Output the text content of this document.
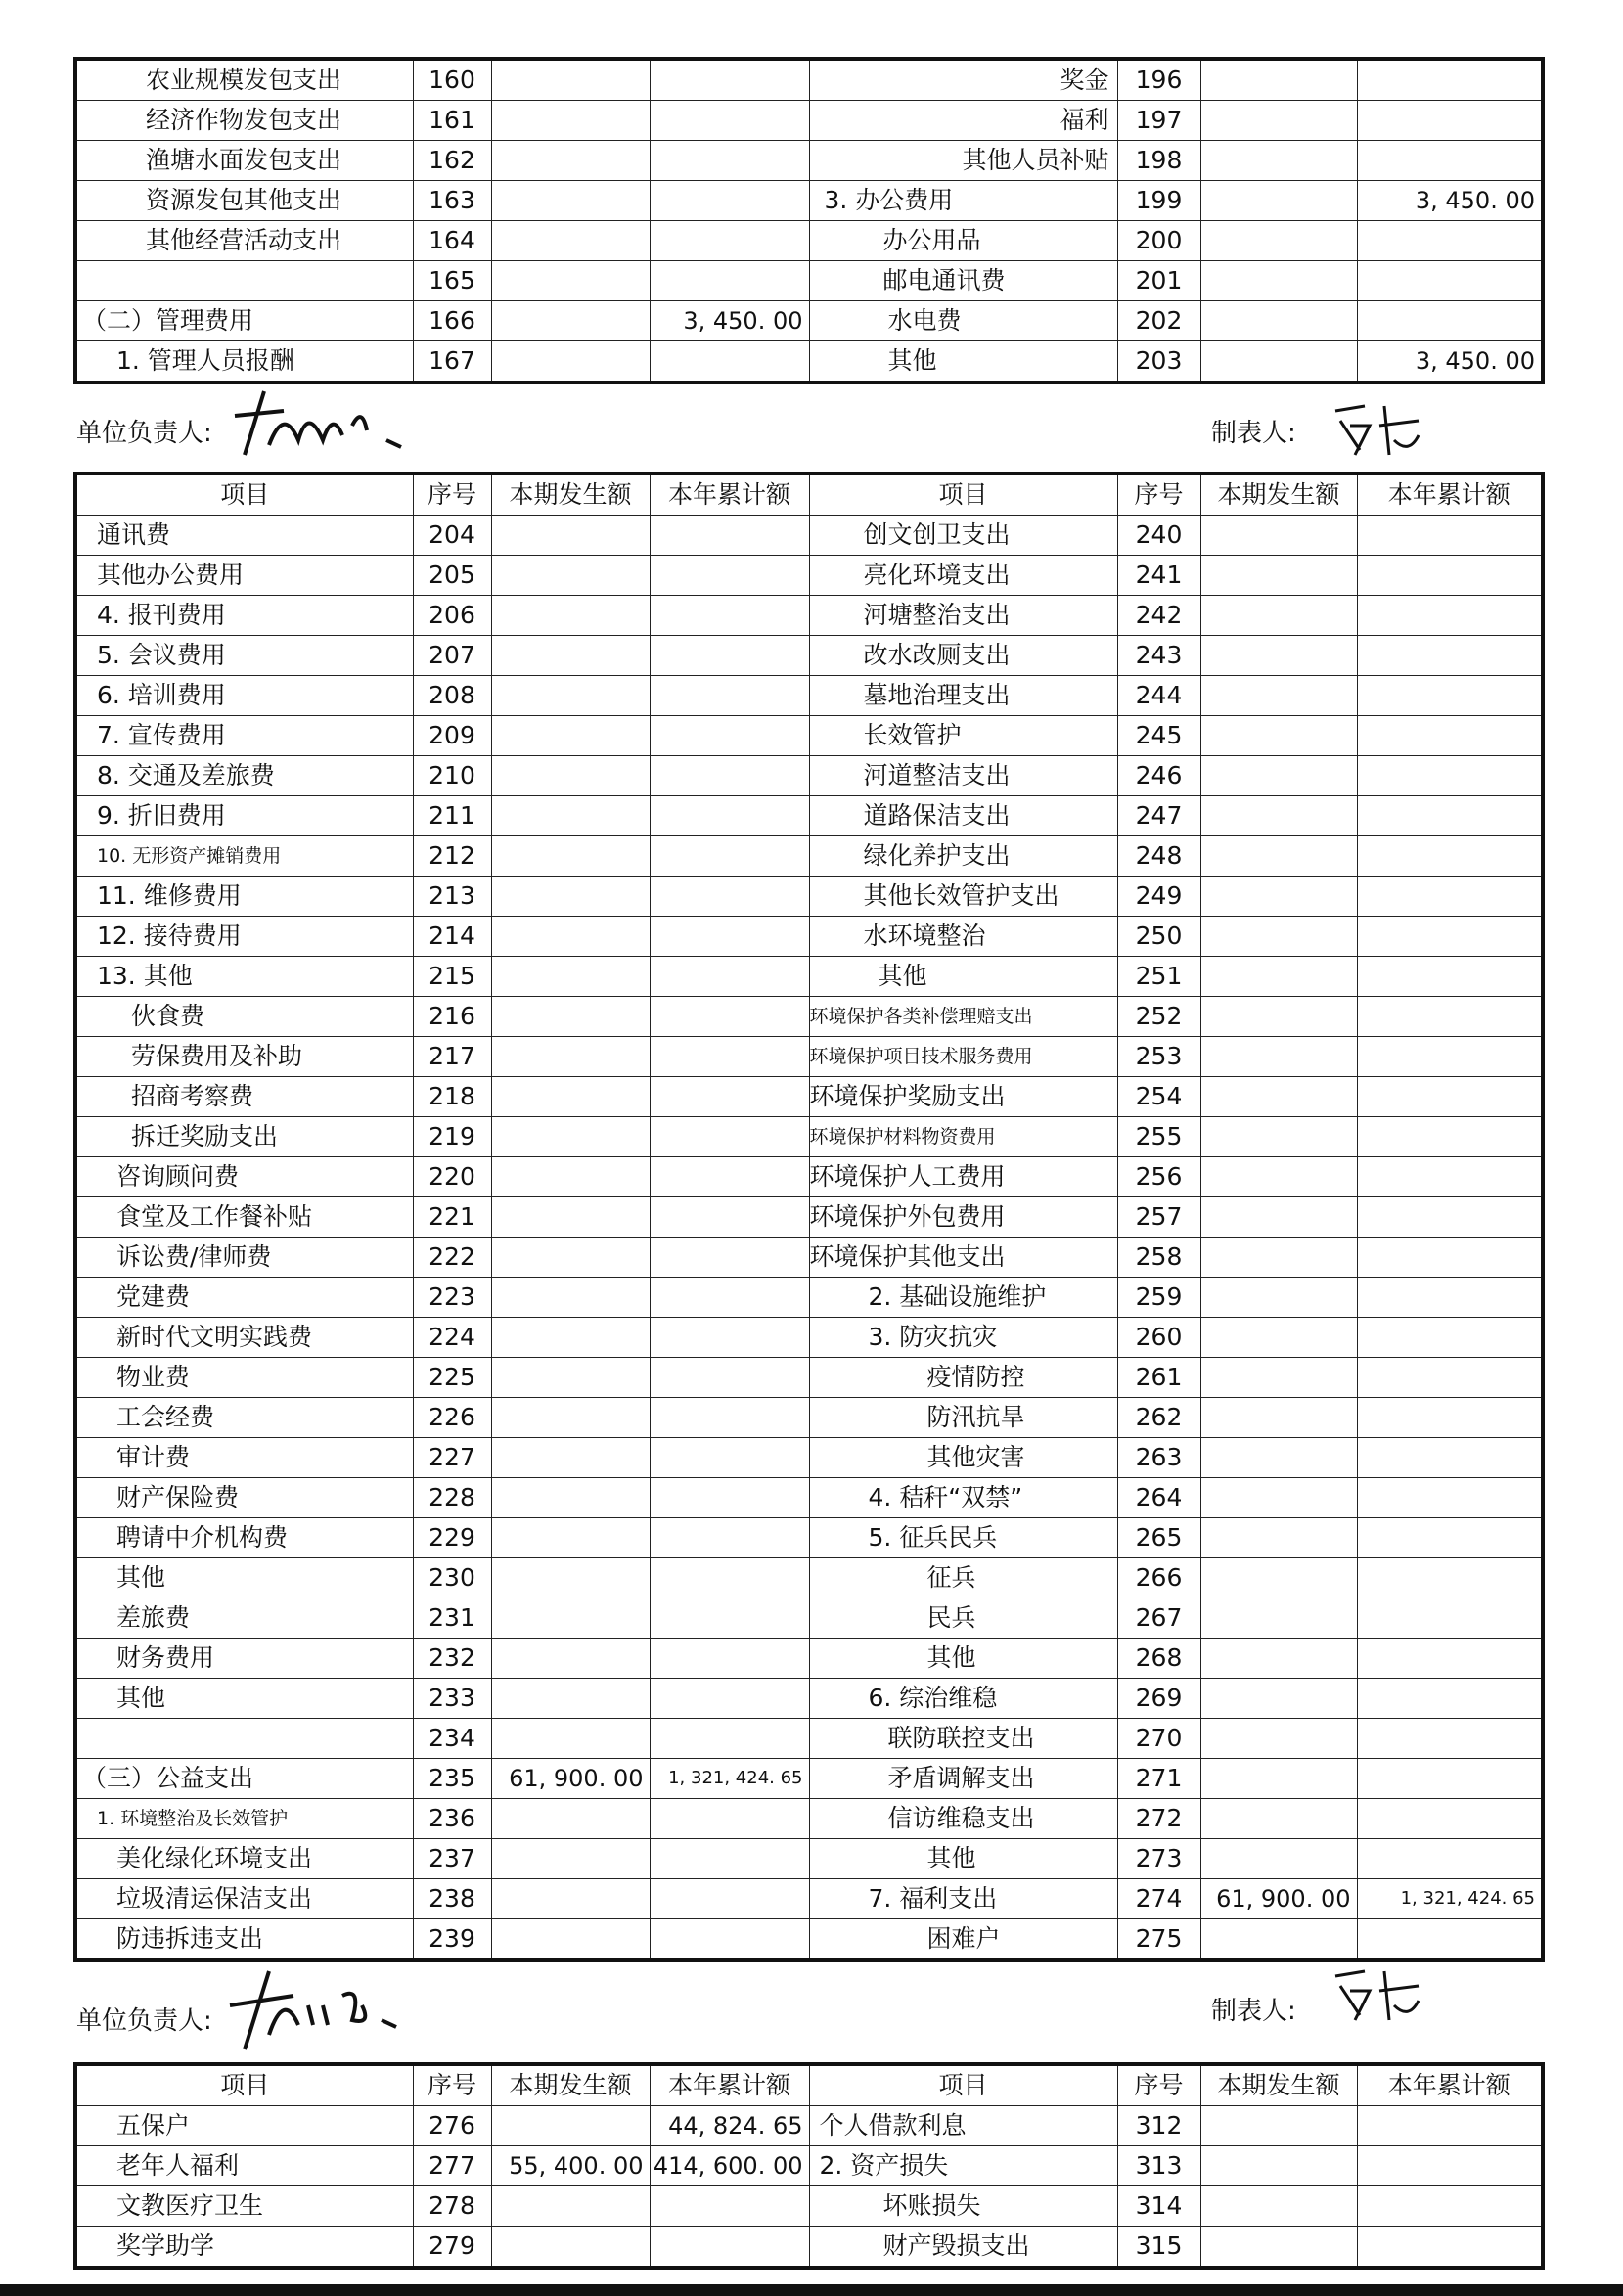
农业规模发包支出	160			奖金	196		
经济作物发包支出	161			福利	197		
渔塘水面发包支出	162			其他人员补贴	198		
资源发包其他支出	163			3. 办公费用	199		3, 450. 00
其他经营活动支出	164			办公用品	200		
	165			邮电通讯费	201		
（二）管理费用	166		3, 450. 00	水电费	202		
1. 管理人员报酬	167			其他	203		3, 450. 00
单位负责人:	制表人:
项目	序号	本期发生额	本年累计额	项目	序号	本期发生额	本年累计额
通讯费	204			创文创卫支出	240		
其他办公费用	205			亮化环境支出	241		
4. 报刊费用	206			河塘整治支出	242		
5. 会议费用	207			改水改厕支出	243		
6. 培训费用	208			墓地治理支出	244		
7. 宣传费用	209			长效管护	245		
8. 交通及差旅费	210			河道整洁支出	246		
9. 折旧费用	211			道路保洁支出	247		
10. 无形资产摊销费用	212			绿化养护支出	248		
11. 维修费用	213			其他长效管护支出	249		
12. 接待费用	214			水环境整治	250		
13. 其他	215			其他	251		
伙食费	216			环境保护各类补偿理赔支出	252		
劳保费用及补助	217			环境保护项目技术服务费用	253		
招商考察费	218			环境保护奖励支出	254		
拆迁奖励支出	219			环境保护材料物资费用	255		
咨询顾问费	220			环境保护人工费用	256		
食堂及工作餐补贴	221			环境保护外包费用	257		
诉讼费/律师费	222			环境保护其他支出	258		
党建费	223			2. 基础设施维护	259		
新时代文明实践费	224			3. 防灾抗灾	260		
物业费	225			疫情防控	261		
工会经费	226			防汛抗旱	262		
审计费	227			其他灾害	263		
财产保险费	228			4. 秸秆“双禁”	264		
聘请中介机构费	229			5. 征兵民兵	265		
其他	230			征兵	266		
差旅费	231			民兵	267		
财务费用	232			其他	268		
其他	233			6. 综治维稳	269		
	234			联防联控支出	270		
（三）公益支出	235	61, 900. 00	1, 321, 424. 65	矛盾调解支出	271		
1. 环境整治及长效管护	236			信访维稳支出	272		
美化绿化环境支出	237			其他	273		
垃圾清运保洁支出	238			7. 福利支出	274	61, 900. 00	1, 321, 424. 65
防违拆违支出	239			困难户	275		
单位负责人:	制表人:
项目	序号	本期发生额	本年累计额	项目	序号	本期发生额	本年累计额
五保户	276		44, 824. 65	个人借款利息	312		
老年人福利	277	55, 400. 00	414, 600. 00	2. 资产损失	313		
文教医疗卫生	278			坏账损失	314		
奖学助学	279			财产毁损支出	315		
